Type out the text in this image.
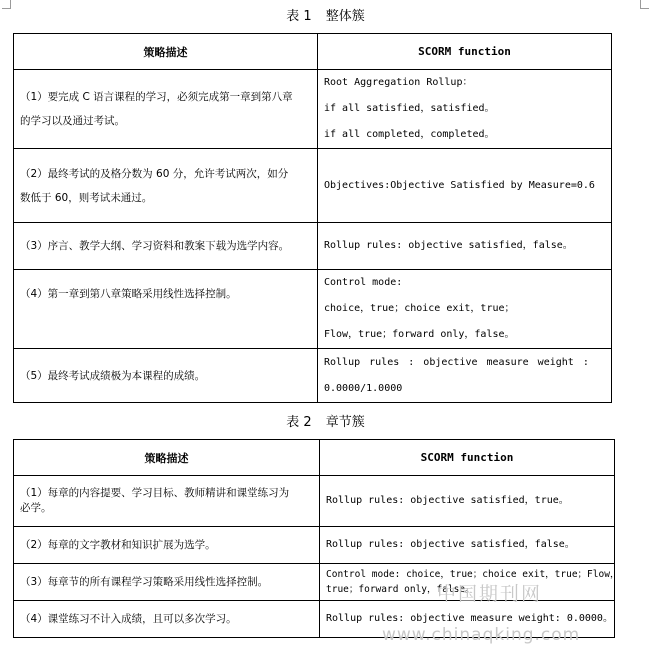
表 1 整体簇
策略描述	SCORM function

（1）要完成 C 语言课程的学习，必须完成第一章到第八章
的学习以及通过考试。	Root Aggregation Rollup：
if all satisfied，satisfied。
if all completed，completed。

（2）最终考试的及格分数为 60 分，允许考试两次，如分
数低于 60，则考试未通过。	Objectives:Objective Satisfied by Measure=0.6

（3）序言、教学大纲、学习资料和教案下载为选学内容。	Rollup rules: objective satisfied，false。

（4）第一章到第八章策略采用线性选择控制。	Control mode:
choice，true；choice exit，true；
Flow，true；forward only，false。

（5）最终考试成绩极为本课程的成绩。	Rollup rules : objective measure weight :
0.0000/1.0000
表 2 章节簇
策略描述	SCORM function

（1）每章的内容提要、学习目标、教师精讲和课堂练习为
必学。	Rollup rules: objective satisfied，true。

（2）每章的文字教材和知识扩展为选学。	Rollup rules: objective satisfied，false。

（3）每章节的所有课程学习策略采用线性选择控制。	Control mode: choice，true；choice exit，true；Flow，
true；forward only，false。

（4）课堂练习不计入成绩，且可以多次学习。	Rollup rules: objective measure weight: 0.0000。
中国期刊网
www.chinaqking.com
